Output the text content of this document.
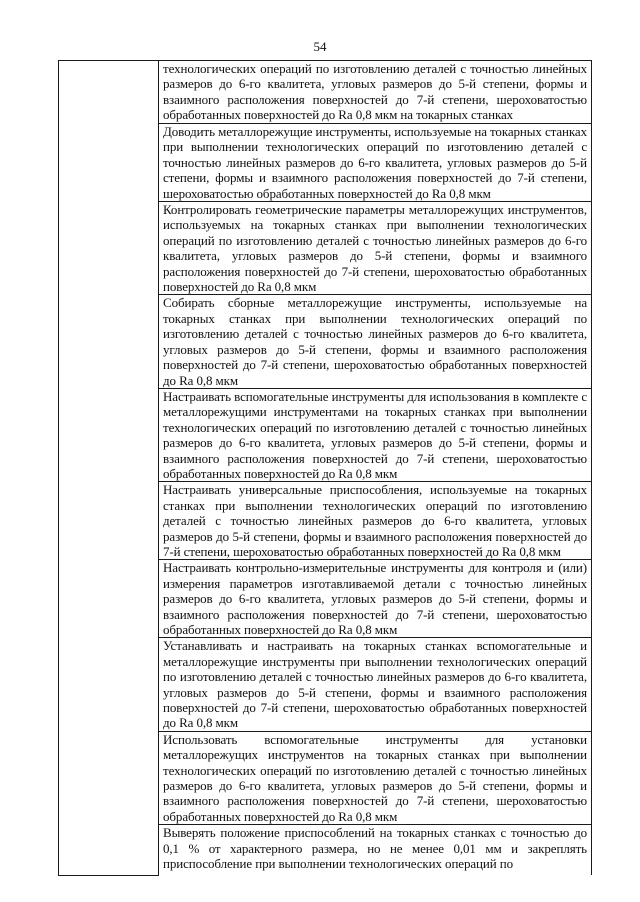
54

технологических операций по изготовлению деталей с точностью линейных размеров до 6-го квалитета, угловых размеров до 5-й степени, формы и взаимного расположения поверхностей до 7-й степени, шероховатостью обработанных поверхностей до Ra 0,8 мкм на токарных станках

Доводить металлорежущие инструменты, используемые на токарных станках при выполнении технологических операций по изготовлению деталей с точностью линейных размеров до 6-го квалитета, угловых размеров до 5-й степени, формы и взаимного расположения поверхностей до 7-й степени, шероховатостью обработанных поверхностей до Ra 0,8 мкм

Контролировать геометрические параметры металлорежущих инструментов, используемых на токарных станках при выполнении технологических операций по изготовлению деталей с точностью линейных размеров до 6-го квалитета, угловых размеров до 5-й степени, формы и взаимного расположения поверхностей до 7-й степени, шероховатостью обработанных поверхностей до Ra 0,8 мкм

Собирать сборные металлорежущие инструменты, используемые на токарных станках при выполнении технологических операций по изготовлению деталей с точностью линейных размеров до 6-го квалитета, угловых размеров до 5-й степени, формы и взаимного расположения поверхностей до 7-й степени, шероховатостью обработанных поверхностей до Ra 0,8 мкм

Настраивать вспомогательные инструменты для использования в комплекте с металлорежущими инструментами на токарных станках при выполнении технологических операций по изготовлению деталей с точностью линейных размеров до 6-го квалитета, угловых размеров до 5-й степени, формы и взаимного расположения поверхностей до 7-й степени, шероховатостью обработанных поверхностей до Ra 0,8 мкм

Настраивать универсальные приспособления, используемые на токарных станках при выполнении технологических операций по изготовлению деталей с точностью линейных размеров до 6-го квалитета, угловых размеров до 5-й степени, формы и взаимного расположения поверхностей до 7-й степени, шероховатостью обработанных поверхностей до Ra 0,8 мкм

Настраивать контрольно-измерительные инструменты для контроля и (или) измерения параметров изготавливаемой детали с точностью линейных размеров до 6-го квалитета, угловых размеров до 5-й степени, формы и взаимного расположения поверхностей до 7-й степени, шероховатостью обработанных поверхностей до Ra 0,8 мкм

Устанавливать и настраивать на токарных станках вспомогательные и металлорежущие инструменты при выполнении технологических операций по изготовлению деталей с точностью линейных размеров до 6-го квалитета, угловых размеров до 5-й степени, формы и взаимного расположения поверхностей до 7-й степени, шероховатостью обработанных поверхностей до Ra 0,8 мкм

Использовать вспомогательные инструменты для установки металлорежущих инструментов на токарных станках при выполнении технологических операций по изготовлению деталей с точностью линейных размеров до 6-го квалитета, угловых размеров до 5-й степени, формы и взаимного расположения поверхностей до 7-й степени, шероховатостью обработанных поверхностей до Ra 0,8 мкм

Выверять положение приспособлений на токарных станках с точностью до 0,1 % от характерного размера, но не менее 0,01 мм и закреплять приспособление при выполнении технологических операций по
